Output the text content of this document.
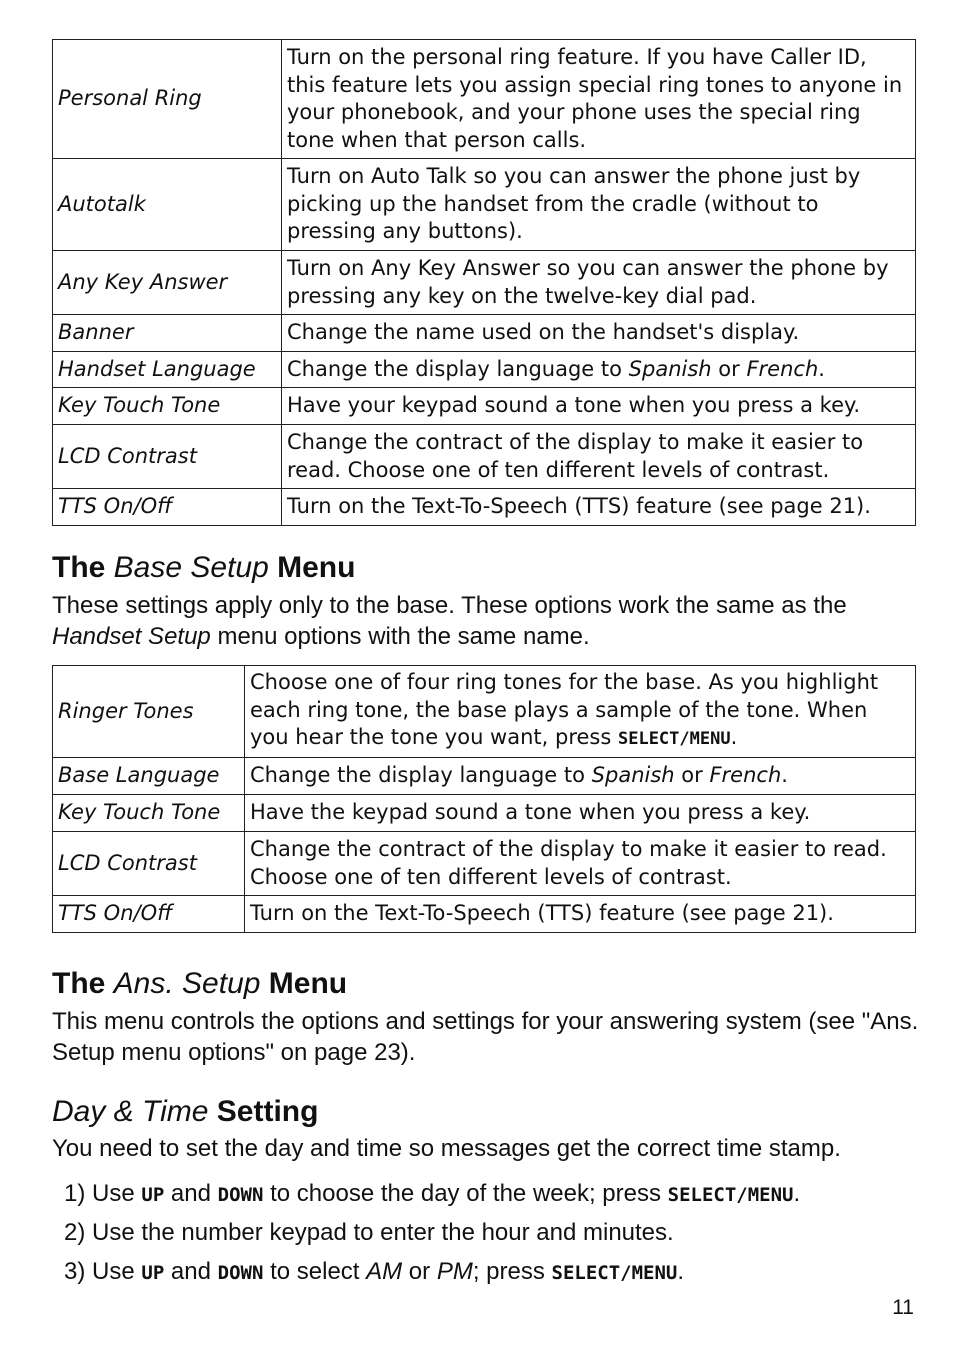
Personal Ring	Turn on the personal ring feature. If you have Caller ID, this feature lets you assign special ring tones to anyone in your phonebook, and your phone uses the special ring tone when that person calls.
Autotalk	Turn on Auto Talk so you can answer the phone just by picking up the handset from the cradle (without to pressing any buttons).
Any Key Answer	Turn on Any Key Answer so you can answer the phone by pressing any key on the twelve-key dial pad.
Banner	Change the name used on the handset's display.
Handset Language	Change the display language to Spanish or French.
Key Touch Tone	Have your keypad sound a tone when you press a key.
LCD Contrast	Change the contract of the display to make it easier to read. Choose one of ten different levels of contrast.
TTS On/Off	Turn on the Text-To-Speech (TTS) feature (see page 21).
The Base Setup Menu

These settings apply only to the base. These options work the same as the Handset Setup menu options with the same name.

Ringer Tones	Choose one of four ring tones for the base. As you highlight each ring tone, the base plays a sample of the tone. When you hear the tone you want, press SELECT/MENU.
Base Language	Change the display language to Spanish or French.
Key Touch Tone	Have the keypad sound a tone when you press a key.
LCD Contrast	Change the contract of the display to make it easier to read. Choose one of ten different levels of contrast.
TTS On/Off	Turn on the Text-To-Speech (TTS) feature (see page 21).
The Ans. Setup Menu

This menu controls the options and settings for your answering system (see "Ans. Setup menu options" on page 23).

Day & Time Setting

You need to set the day and time so messages get the correct time stamp.

1) Use UP and DOWN to choose the day of the week; press SELECT/MENU.
2) Use the number keypad to enter the hour and minutes.
3) Use UP and DOWN to select AM or PM; press SELECT/MENU.
11
